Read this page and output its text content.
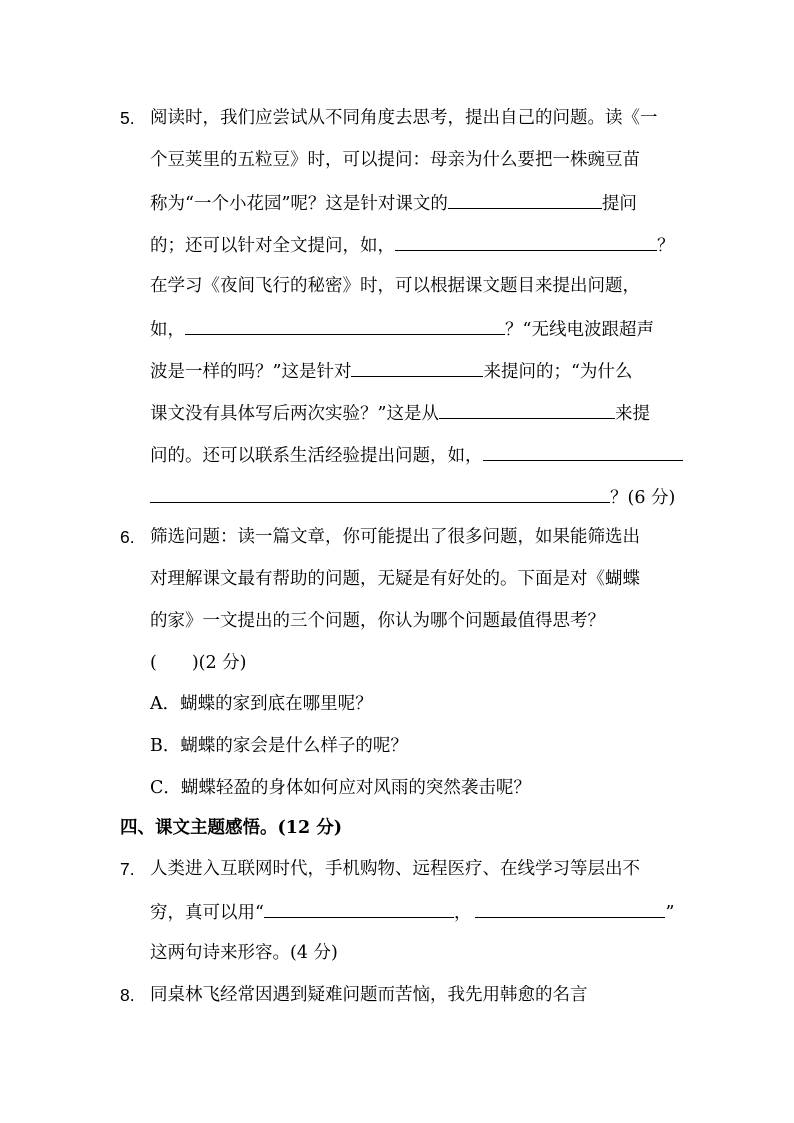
5. 阅读时，我们应尝试从不同角度去思考，提出自己的问题。读《一
个豆荚里的五粒豆》时，可以提问：母亲为什么要把一株豌豆苗
称为“一个小花园”呢？这是针对课文的	提问
的；还可以针对全文提问，如，	？
在学习《夜间飞行的秘密》时，可以根据课文题目来提出问题，
如，	？“无线电波跟超声
波是一样的吗？”这是针对	来提问的；“为什么
课文没有具体写后两次实验？”这是从	来提
问的。还可以联系生活经验提出问题，如，
？(6 分)
6. 筛选问题：读一篇文章，你可能提出了很多问题，如果能筛选出
对理解课文最有帮助的问题，无疑是有好处的。下面是对《蝴蝶
的家》一文提出的三个问题，你认为哪个问题最值得思考？
(　　)(2 分)
A．蝴蝶的家到底在哪里呢？
B．蝴蝶的家会是什么样子的呢？
C．蝴蝶轻盈的身体如何应对风雨的突然袭击呢？
四、课文主题感悟。(12 分)
7. 人类进入互联网时代，手机购物、远程医疗、在线学习等层出不
穷，真可以用“	，	”
这两句诗来形容。(4 分)
8. 同桌林飞经常因遇到疑难问题而苦恼，我先用韩愈的名言
